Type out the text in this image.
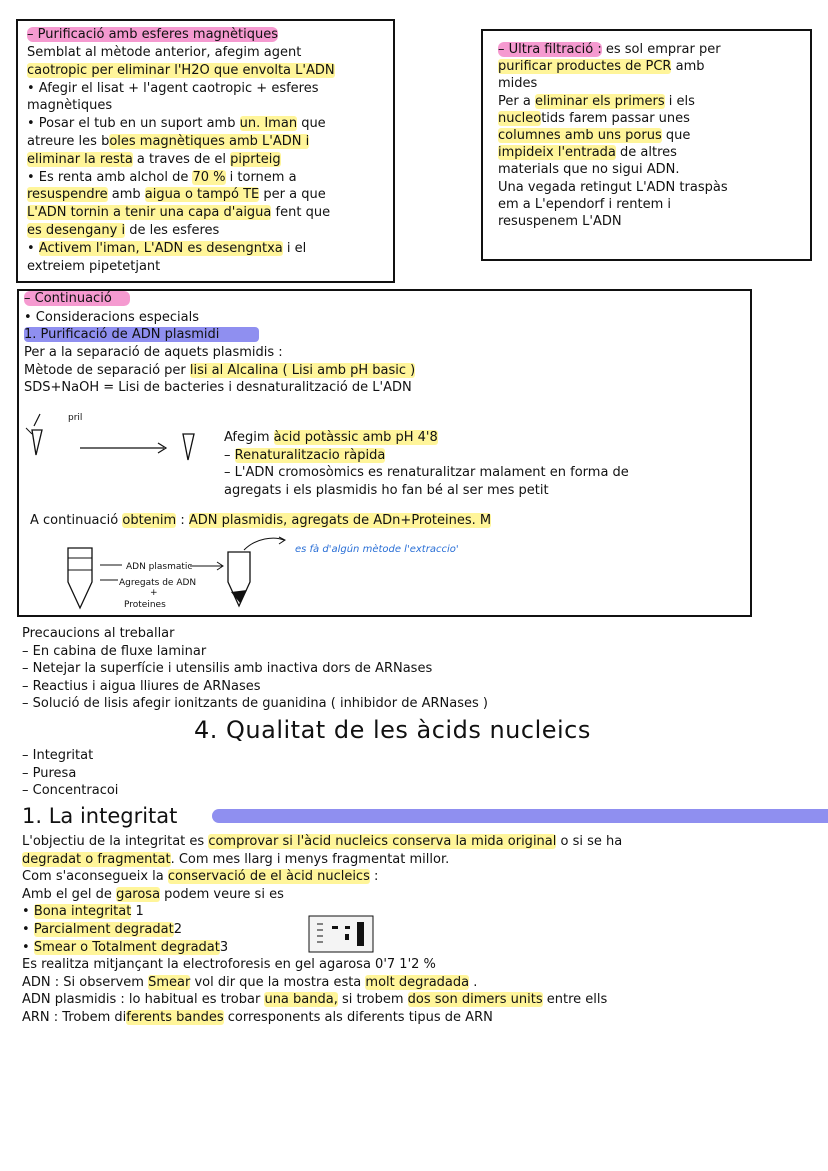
– Purificació amb esferes magnètiques
Semblat al mètode anterior, afegim agent
caotropic per eliminar l'H2O que envolta L'ADN
• Afegir el lisat + l'agent caotropic + esferes
magnètiques
• Posar el tub en un suport amb un. Iman que
atreure les boles magnètiques amb L'ADN i
eliminar la resta a traves de el piprteig
• Es renta amb alchol de 70 % i tornem a
resuspendre amb aigua o tampó TE per a que
L'ADN tornin a tenir una capa d'aigua fent que
es desengany i de les esferes
• Activem l'iman, L'ADN es desengntxa i el
extreiem pipetetjant
– Ultra filtració : es sol emprar per
purificar productes de PCR amb
mides
Per a eliminar els primers i els
nucleotids farem passar unes
columnes amb uns porus que
impideix l'entrada de altres
materials que no sigui ADN.
Una vegada retingut L'ADN traspàs
em a L'ependorf i rentem i
resuspenem L'ADN
– Continuació
• Consideracions especials
1. Purificació de ADN plasmidi
Per a la separació de aquets plasmidis :
Mètode de separació per lisi al Alcalina ( Lisi amb pH basic )
SDS+NaOH = Lisi de bacteries i desnaturalització de L'ADN
Afegim àcid potàssic amb pH 4'8
– Renaturalitzacio ràpida
– L'ADN cromosòmics es renaturalitzar malament en forma de
agregats i els plasmidis ho fan bé al ser mes petit
A continuació obtenim : ADN plasmidis, agregats de ADn+Proteines. M
pril
ADN plasmatic
Agregats de ADN
+
Proteines
es fà d'algún mètode l'extraccio'
Precaucions al treballar
– En cabina de fluxe laminar
– Netejar la superfície i utensilis amb inactiva dors de ARNases
– Reactius i aigua lliures de ARNases
– Solució de lisis afegir ionitzants de guanidina ( inhibidor de ARNases )
4. Qualitat de les àcids nucleics
– Integritat
– Puresa
– Concentracoi
1. La integritat
L'objectiu de la integritat es comprovar si l'àcid nucleics conserva la mida original o si se ha
degradat o fragmentat. Com mes llarg i menys fragmentat millor.
Com s'aconsegueix la conservació de el àcid nucleics :
Amb el gel de garosa podem veure si es
• Bona integritat 1
• Parcialment degradat2
• Smear o Totalment degradat3
Es realitza mitjançant la electroforesis en gel agarosa 0'7 1'2 %
ADN : Si observem Smear vol dir que la mostra esta molt degradada .
ADN plasmidis : lo habitual es trobar una banda, si trobem dos son dimers units entre ells
ARN : Trobem diferents bandes corresponents als diferents tipus de ARN
